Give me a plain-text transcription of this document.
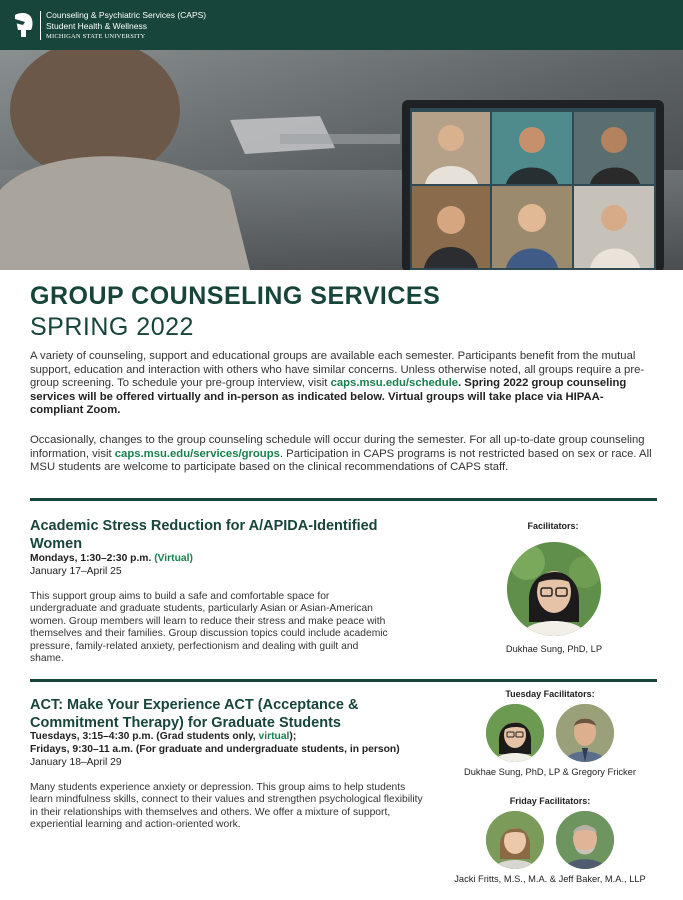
Counseling & Psychiatric Services (CAPS)
Student Health & Wellness
MICHIGAN STATE UNIVERSITY
GROUP COUNSELING SERVICES
SPRING 2022

A variety of counseling, support and educational groups are available each semester. Participants benefit from the mutual support, education and interaction with others who have similar concerns. Unless otherwise noted, all groups require a pre-group screening. To schedule your pre-group interview, visit caps.msu.edu/schedule. Spring 2022 group counseling services will be offered virtually and in-person as indicated below. Virtual groups will take place via HIPAA-compliant Zoom.

Occasionally, changes to the group counseling schedule will occur during the semester. For all up-to-date group counseling information, visit caps.msu.edu/services/groups. Participation in CAPS programs is not restricted based on sex or race. All MSU students are welcome to participate based on the clinical recommendations of CAPS staff.

Academic Stress Reduction for A/APIDA-Identified Women
Mondays, 1:30–2:30 p.m. (Virtual)
January 17–April 25

This support group aims to build a safe and comfortable space for undergraduate and graduate students, particularly Asian or Asian-American women. Group members will learn to reduce their stress and make peace with themselves and their families. Group discussion topics could include academic pressure, family-related anxiety, perfectionism and dealing with guilt and shame.

Facilitators:
Dukhae Sung, PhD, LP
ACT: Make Your Experience ACT (Acceptance & Commitment Therapy) for Graduate Students
Tuesdays, 3:15–4:30 p.m. (Grad students only, virtual);
Fridays, 9:30–11 a.m. (For graduate and undergraduate students, in person)
January 18–April 29

Many students experience anxiety or depression. This group aims to help students learn mindfulness skills, connect to their values and strengthen psychological flexibility in their relationships with themselves and others. We offer a mixture of support, experiential learning and action-oriented work.

Tuesday Facilitators:
Dukhae Sung, PhD, LP & Gregory Fricker
Friday Facilitators:
Jacki Fritts, M.S., M.A. & Jeff Baker, M.A., LLP
